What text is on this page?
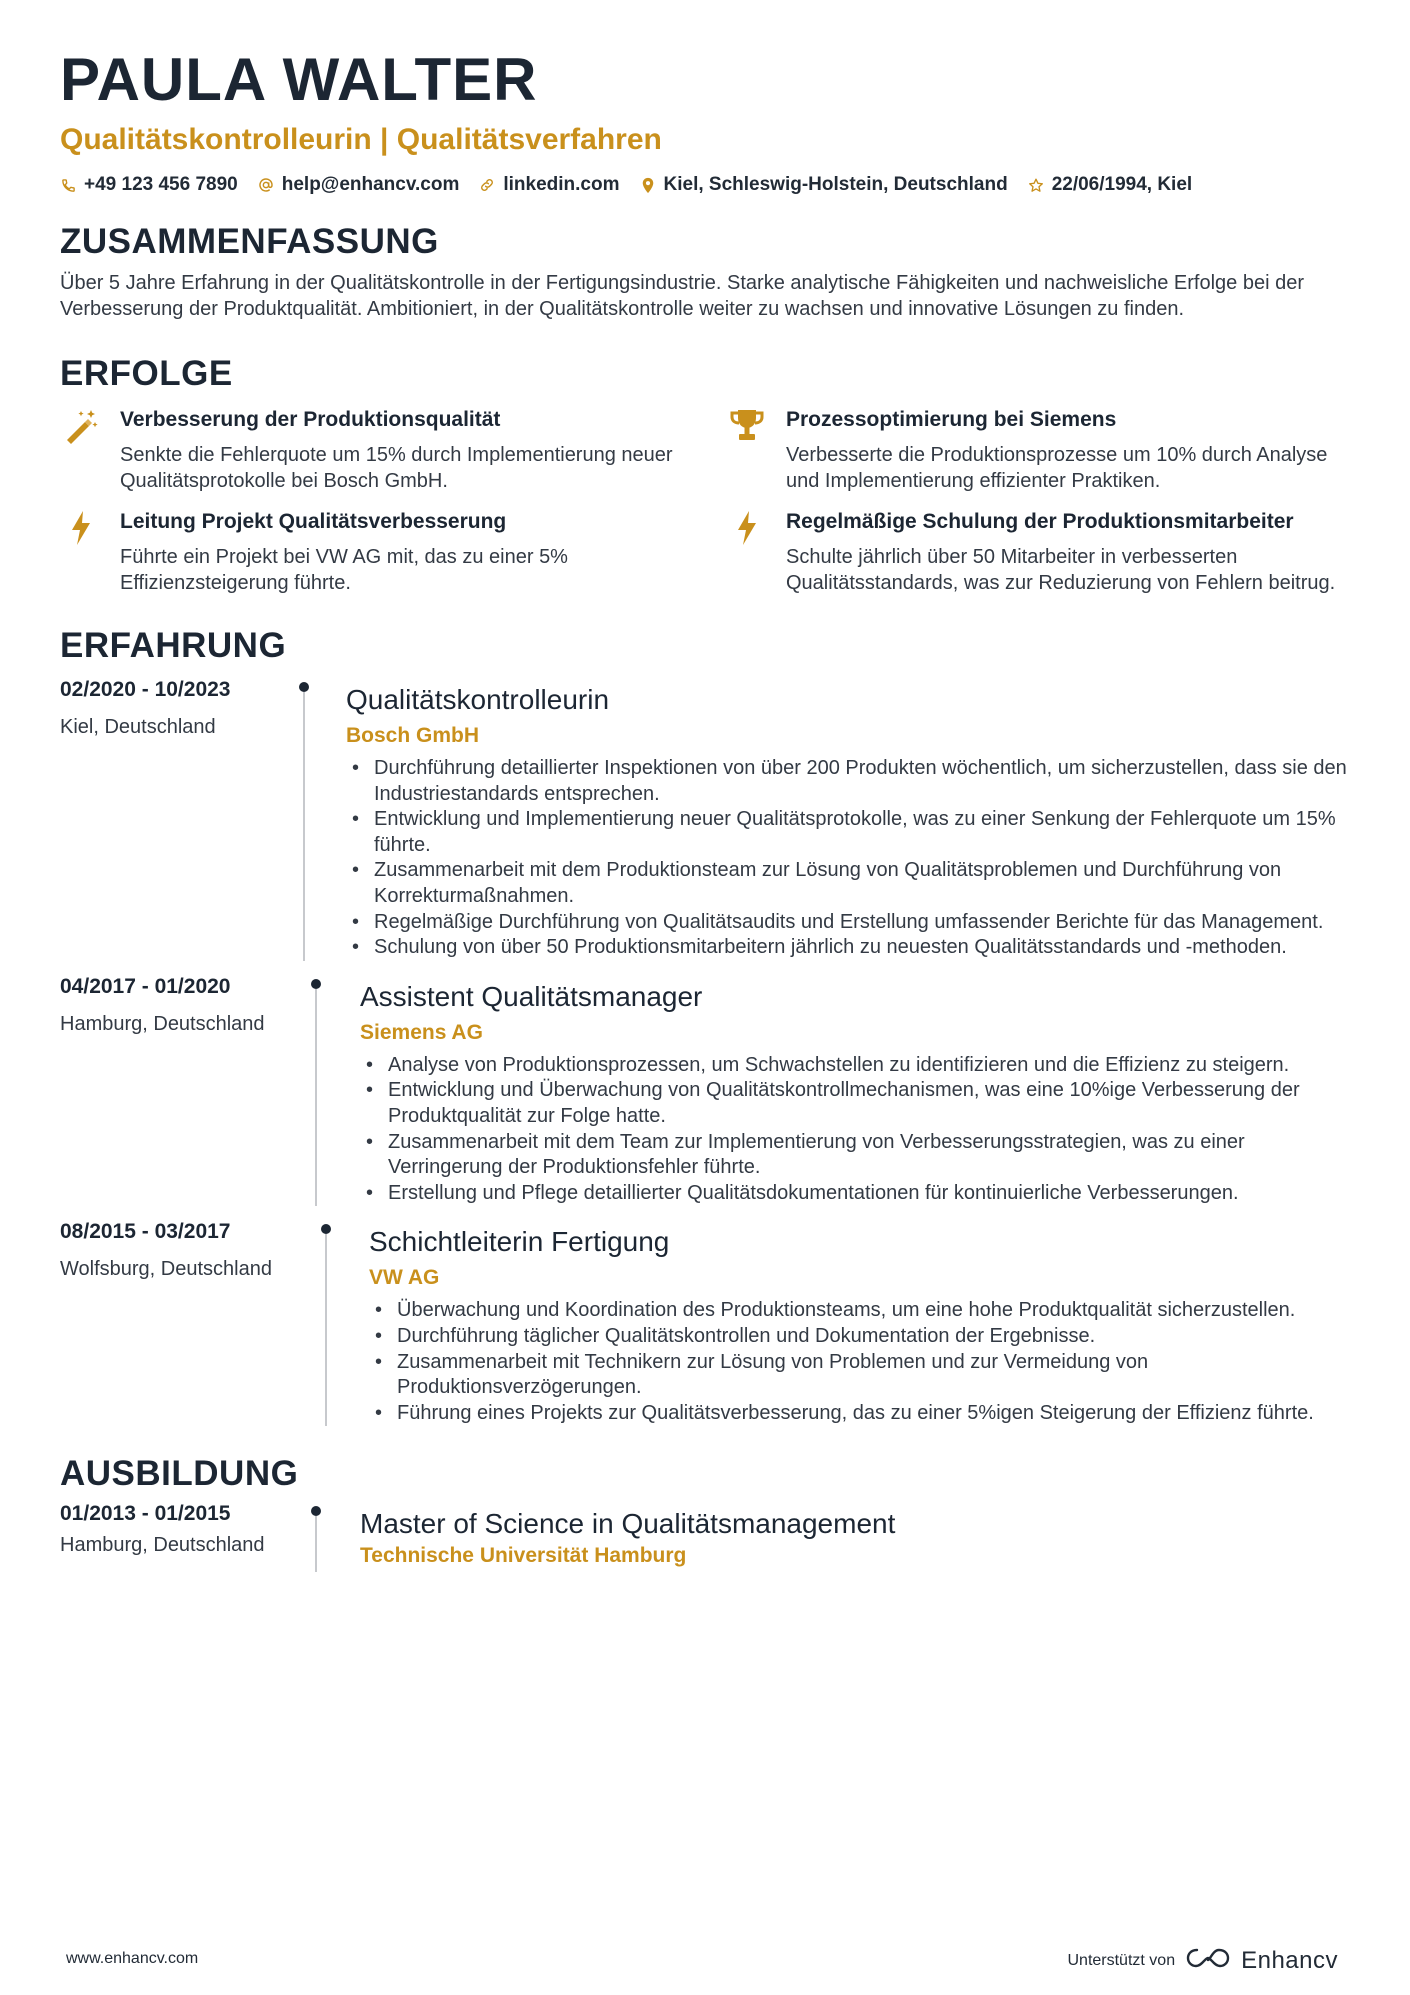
PAULA WALTER
Qualitätskontrolleurin | Qualitätsverfahren
+49 123 456 7890 help@enhancv.com linkedin.com Kiel, Schleswig-Holstein, Deutschland 22/06/1994, Kiel
ZUSAMMENFASSUNG

Über 5 Jahre Erfahrung in der Qualitätskontrolle in der Fertigungsindustrie. Starke analytische Fähigkeiten und nachweisliche Erfolge bei der Verbesserung der Produktqualität. Ambitioniert, in der Qualitätskontrolle weiter zu wachsen und innovative Lösungen zu finden.

ERFOLGE
Verbesserung der Produktionsqualität
Senkte die Fehlerquote um 15% durch Implementierung neuer Qualitätsprotokolle bei Bosch GmbH.
Prozessoptimierung bei Siemens
Verbesserte die Produktionsprozesse um 10% durch Analyse und Implementierung effizienter Praktiken.
Leitung Projekt Qualitätsverbesserung
Führte ein Projekt bei VW AG mit, das zu einer 5% Effizienzsteigerung führte.
Regelmäßige Schulung der Produktionsmitarbeiter
Schulte jährlich über 50 Mitarbeiter in verbesserten Qualitätsstandards, was zur Reduzierung von Fehlern beitrug.
ERFAHRUNG
02/2020 - 10/2023
Kiel, Deutschland
Qualitätskontrolleurin
Bosch GmbH
• Durchführung detaillierter Inspektionen von über 200 Produkten wöchentlich, um sicherzustellen, dass sie den Industriestandards entsprechen.
• Entwicklung und Implementierung neuer Qualitätsprotokolle, was zu einer Senkung der Fehlerquote um 15% führte.
• Zusammenarbeit mit dem Produktionsteam zur Lösung von Qualitätsproblemen und Durchführung von Korrekturmaßnahmen.
• Regelmäßige Durchführung von Qualitätsaudits und Erstellung umfassender Berichte für das Management.
• Schulung von über 50 Produktionsmitarbeitern jährlich zu neuesten Qualitätsstandards und -methoden.
04/2017 - 01/2020
Hamburg, Deutschland
Assistent Qualitätsmanager
Siemens AG
• Analyse von Produktionsprozessen, um Schwachstellen zu identifizieren und die Effizienz zu steigern.
• Entwicklung und Überwachung von Qualitätskontrollmechanismen, was eine 10%ige Verbesserung der Produktqualität zur Folge hatte.
• Zusammenarbeit mit dem Team zur Implementierung von Verbesserungsstrategien, was zu einer Verringerung der Produktionsfehler führte.
• Erstellung und Pflege detaillierter Qualitätsdokumentationen für kontinuierliche Verbesserungen.
08/2015 - 03/2017
Wolfsburg, Deutschland
Schichtleiterin Fertigung
VW AG
• Überwachung und Koordination des Produktionsteams, um eine hohe Produktqualität sicherzustellen.
• Durchführung täglicher Qualitätskontrollen und Dokumentation der Ergebnisse.
• Zusammenarbeit mit Technikern zur Lösung von Problemen und zur Vermeidung von Produktionsverzögerungen.
• Führung eines Projekts zur Qualitätsverbesserung, das zu einer 5%igen Steigerung der Effizienz führte.
AUSBILDUNG
01/2013 - 01/2015
Hamburg, Deutschland
Master of Science in Qualitätsmanagement
Technische Universität Hamburg
www.enhancv.com	Unterstützt von	Enhancv
